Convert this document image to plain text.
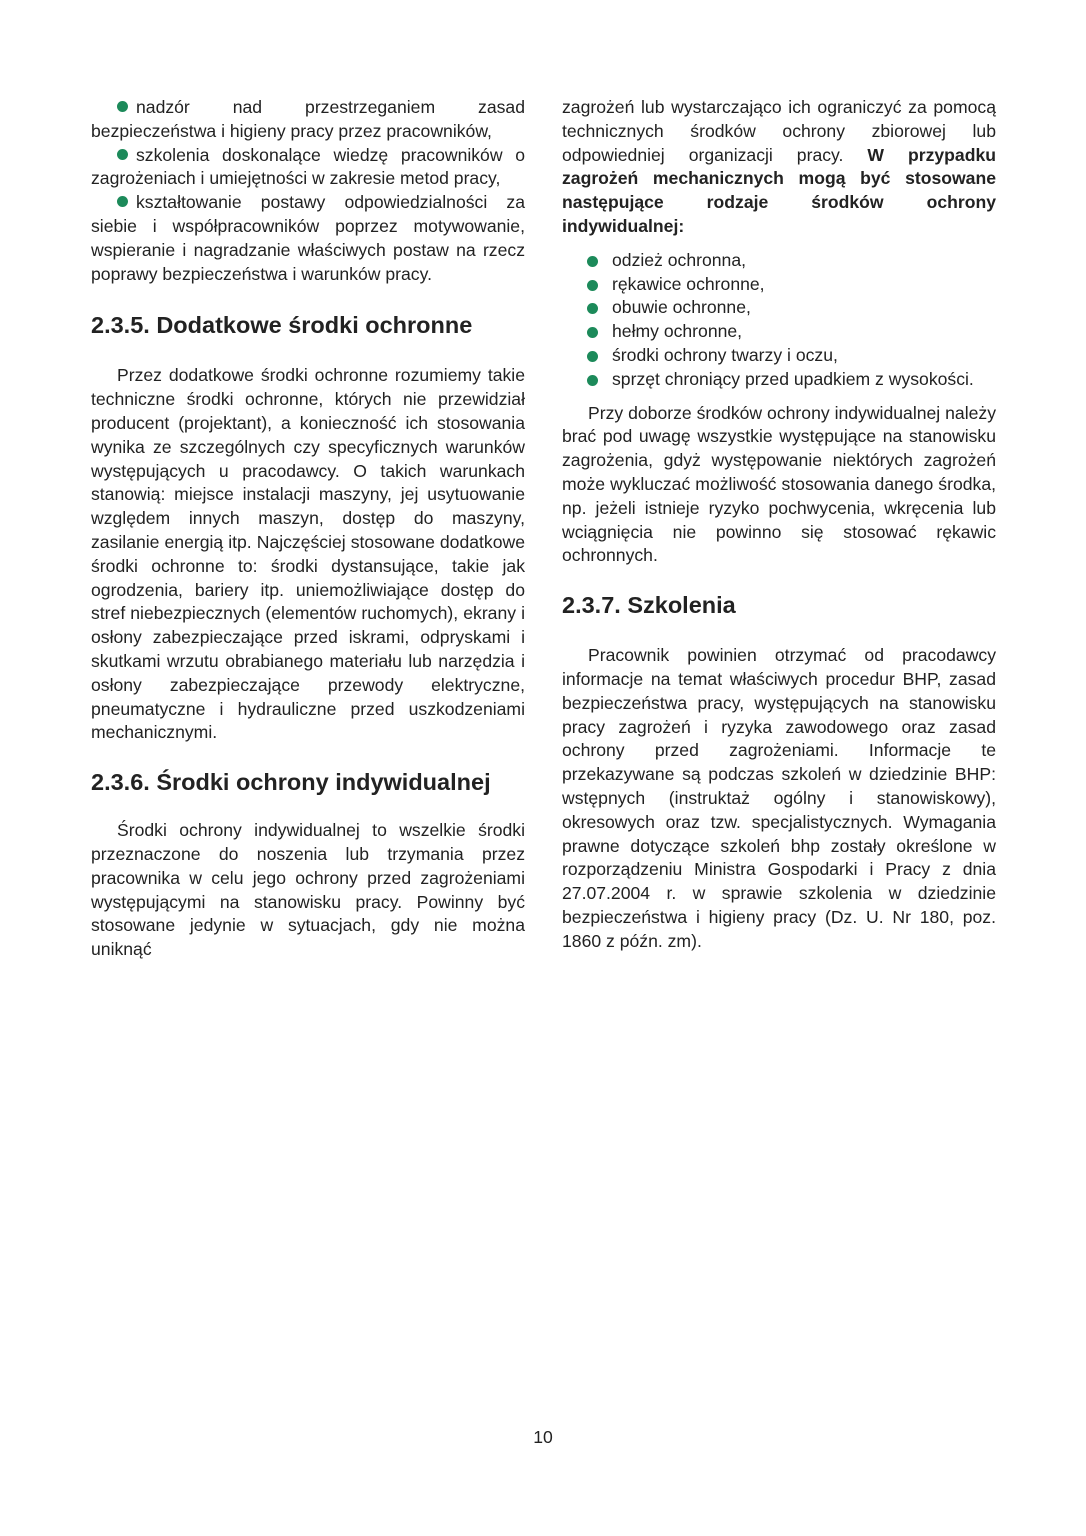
nadzór nad przestrzeganiem zasad bezpieczeństwa i higieny pracy przez pracowników,

szkolenia doskonalące wiedzę pracowników o zagrożeniach i umiejętności w zakresie metod pracy,

kształtowanie postawy odpowiedzialności za siebie i współpracowników poprzez motywowanie, wspieranie i nagradzanie właściwych postaw na rzecz poprawy bezpieczeństwa i warunków pracy.

2.3.5. Dodatkowe środki ochronne

Przez dodatkowe środki ochronne rozumiemy takie techniczne środki ochronne, których nie przewidział producent (projektant), a konieczność ich stosowania wynika ze szczególnych czy specyficznych warunków występujących u pracodawcy. O takich warunkach stanowią: miejsce instalacji maszyny, jej usytuowanie względem innych maszyn, dostęp do maszyny, zasilanie energią itp. Najczęściej stosowane dodatkowe środki ochronne to: środki dystansujące, takie jak ogrodzenia, bariery itp. uniemożliwiające dostęp do stref niebezpiecznych (elementów ruchomych), ekrany i osłony zabezpieczające przed iskrami, odpryskami i skutkami wrzutu obrabianego materiału lub narzędzia i osłony zabezpieczające przewody elektryczne, pneumatyczne i hydrauliczne przed uszkodzeniami mechanicznymi.

2.3.6. Środki ochrony indywidualnej

Środki ochrony indywidualnej to wszelkie środki przeznaczone do noszenia lub trzymania przez pracownika w celu jego ochrony przed zagrożeniami występującymi na stanowisku pracy. Powinny być stosowane jedynie w sytuacjach, gdy nie można uniknąć

zagrożeń lub wystarczająco ich ograniczyć za pomocą technicznych środków ochrony zbiorowej lub odpowiedniej organizacji pracy. W przypadku zagrożeń mechanicznych mogą być stosowane następujące rodzaje środków ochrony indywidualnej:

odzież ochronna,

rękawice ochronne,

obuwie ochronne,

hełmy ochronne,

środki ochrony twarzy i oczu,

sprzęt chroniący przed upadkiem z wysokości.

Przy doborze środków ochrony indywidualnej należy brać pod uwagę wszystkie występujące na stanowisku zagrożenia, gdyż występowanie niektórych zagrożeń może wykluczać możliwość stosowania danego środka, np. jeżeli istnieje ryzyko pochwycenia, wkręcenia lub wciągnięcia nie powinno się stosować rękawic ochronnych.

2.3.7. Szkolenia

Pracownik powinien otrzymać od pracodawcy informacje na temat właściwych procedur BHP, zasad bezpieczeństwa pracy, występujących na stanowisku pracy zagrożeń i ryzyka zawodowego oraz zasad ochrony przed zagrożeniami. Informacje te przekazywane są podczas szkoleń w dziedzinie BHP: wstępnych (instruktaż ogólny i stanowiskowy), okresowych oraz tzw. specjalistycznych. Wymagania prawne dotyczące szkoleń bhp zostały określone w rozporządzeniu Ministra Gospodarki i Pracy z dnia 27.07.2004 r. w sprawie szkolenia w dziedzinie bezpieczeństwa i higieny pracy (Dz. U. Nr 180, poz. 1860 z późn. zm).

10
